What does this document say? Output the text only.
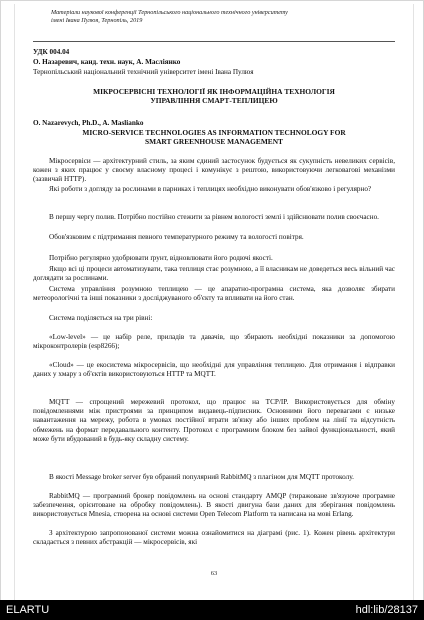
Матеріали наукової конференції Тернопільського національного технічного університету
імені Івана Пулюя, Тернопіль, 2019

УДК 004.04

О. Назаревич, канд. техн. наук, А. Масліянко

Тернопільський національний технічний університет імені Івана Пулюя

МІКРОСЕРВІСНІ ТЕХНОЛОГІЇ ЯК ІНФОРМАЦІЙНА ТЕХНОЛОГІЯ
УПРАВЛІННЯ СМАРТ-ТЕПЛИЦЕЮ

O. Nazarevych, Ph.D., A. Maslianko

MICRO-SERVICE TECHNOLOGIES AS INFORMATION TECHNOLOGY FOR
SMART GREENHOUSE MANAGEMENT

Мікросервіси — архітектурний стиль, за яким єдиний застосунок будується як сукупність невеликих сервісів, кожен з яких працює у своєму власному процесі і комунікує з рештою, використовуючи легковагові механізми (зазвичай HTTP).

Які роботи з догляду за рослинами в парниках і теплицях необхідно виконувати обов'язково і регулярно?

В першу чергу полив. Потрібно постійно стежити за рівнем вологості землі і здійснювати полив своєчасно.

Обов'язковим є підтримання певного температурного режиму та вологості повітря.

Потрібно регулярно удобрювати ґрунт, відновлювати його родючі якості.

Якщо всі ці процеси автоматизувати, така теплиця стає розумною, а її власникам не доведеться весь вільний час доглядати за рослинами.

Система управління розумною теплицею — це апаратно-програмна система, яка дозволяє збирати метеорологічні та інші показники з досліджуваного об'єкту та впливати на його стан.

Система поділяється на три рівні:

«Low-level» — це набір реле, приладів та давачів, що збирають необхідні показники за допомогою мікроконтролерів (esp8266);

«Cloud» — це екосистема мікросервісів, що необхідні для управління теплицею. Для отримання і відправки даних у хмару з об'єктів використовуються HTTP та MQTT.

MQTT — спрощений мережевий протокол, що працює на TCP/IP. Використовується для обміну повідомленнями між пристроями за принципом видавець-підписник. Основними його перевагами є низьке навантаження на мережу, робота в умовах постійної втрати зв'язку або інших проблем на лінії та відсутність обмежень на формат передавального контенту. Протокол є програмним блоком без зайвої функціональності, який може бути вбудований в будь-яку складну систему.

В якості Message broker server був обраний популярний RabbitMQ з плагіном для MQTT протоколу.

RabbitMQ — програмний брокер повідомлень на основі стандарту AMQP (тиражоване зв'язуюче програмне забезпечення, орієнтоване на обробку повідомлень). В якості двигуна бази даних для зберігання повідомлень використовується Mnesia, створена на основі системи Open Telecom Platform та написана на мові Erlang.

З архітектурою запропонованої системи можна ознайомитися на діаграмі (рис. 1). Кожен рівень архітектури складається з певних абстракцій — мікросервісів, які

63
ELARTU	hdl:lib/28137
